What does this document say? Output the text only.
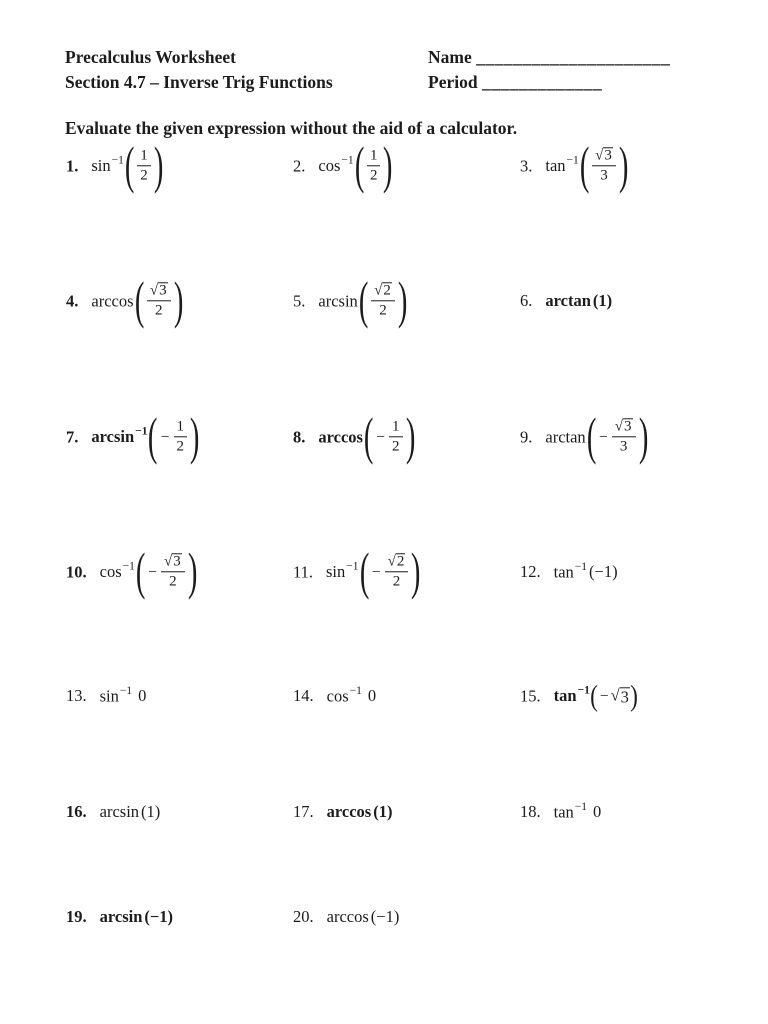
Precalculus Worksheet
Section 4.7 – Inverse Trig Functions
Name _____________________
Period _____________
Evaluate the given expression without the aid of a calculator.
1. $\sin^{-1}$ ( $\frac{1}{2}$ )	2. $\cos^{-1}$ ( $\frac{1}{2}$ )	3. $\tan^{-1}$ ( $\frac{√3}{3}$ )
4. arccos ( $\frac{√3}{2}$ )	5. arcsin ( $\frac{√2}{2}$ )	6. arctan (1)
7. $\arcsin^{-1}$ ( − $\frac{1}{2}$ )	8. arccos ( − $\frac{1}{2}$ )	9. arctan ( − $\frac{√3}{3}$ )
10. $\cos^{-1}$ ( − $\frac{√3}{2}$ )	11. $\sin^{-1}$ ( − $\frac{√2}{2}$ )	12. $\tan^{-1} (-1)$
13. $\sin^{-1} 0$	14. $\cos^{-1} 0$	15. $\tan^{-1}$ ( − √ 3 )
16. arcsin (1)	17. arccos (1)	18. $\tan^{-1} 0$
19. arcsin (−1)	20. arccos (−1)
